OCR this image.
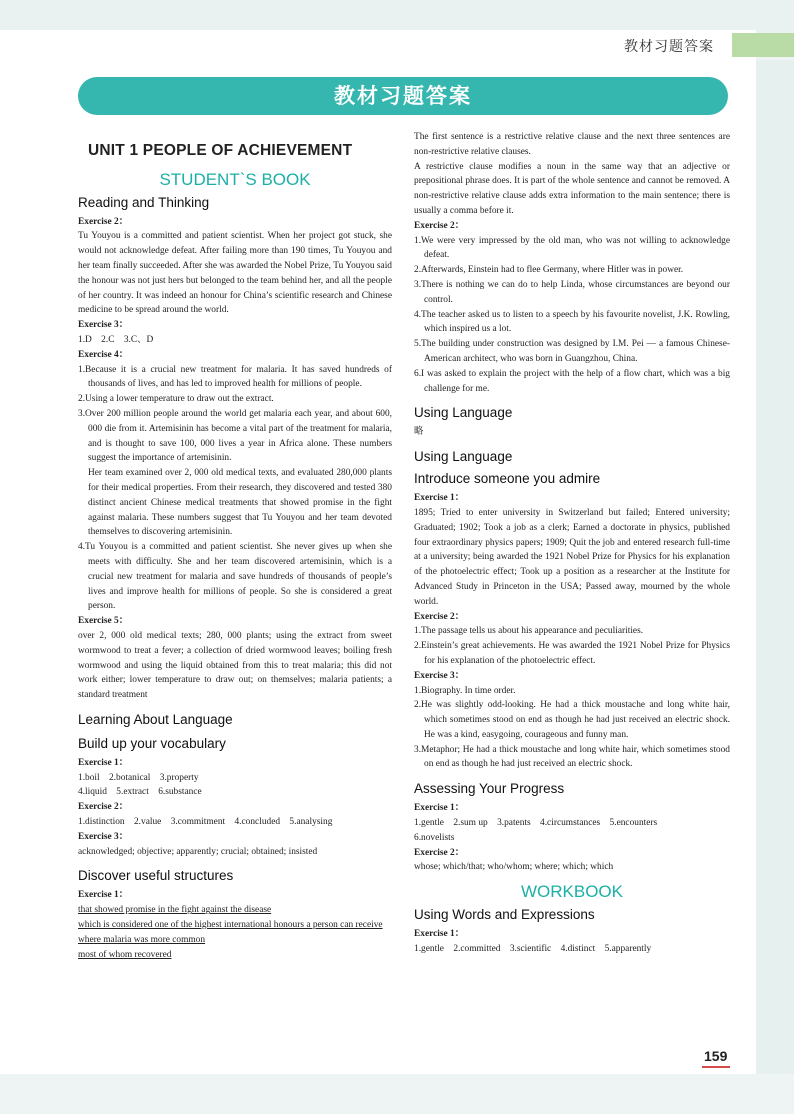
教材习题答案
教材习题答案
UNIT 1 PEOPLE OF ACHIEVEMENT
STUDENT`S BOOK
Reading and Thinking
Exercise 2：
Tu Youyou is a committed and patient scientist. When her project got stuck, she would not acknowledge defeat. After failing more than 190 times, Tu Youyou and her team finally succeeded. After she was awarded the Nobel Prize, Tu Youyou said the honour was not just hers but belonged to the team behind her, and all the people of her country. It was indeed an honour for China’s scientific research and Chinese medicine to be spread around the world.
Exercise 3：
1.D　2.C　3.C、D
Exercise 4：
1.Because it is a crucial new treatment for malaria. It has saved hundreds of thousands of lives, and has led to improved health for millions of people.
2.Using a lower temperature to draw out the extract.
3.Over 200 million people around the world get malaria each year, and about 600, 000 die from it. Artemisinin has become a vital part of the treatment for malaria, and is thought to save 100, 000 lives a year in Africa alone. These numbers suggest the importance of artemisinin.
Her team examined over 2, 000 old medical texts, and evaluated 280,000 plants for their medical properties. From their research, they discovered and tested 380 distinct ancient Chinese medical treatments that showed promise in the fight against malaria. These numbers suggest that Tu Youyou and her team devoted themselves to discovering artemisinin.
4.Tu Youyou is a committed and patient scientist. She never gives up when she meets with difficulty. She and her team discovered artemisinin, which is a crucial new treatment for malaria and save hundreds of thousands of people’s lives and improve health for millions of people. So she is considered a great person.
Exercise 5：
over 2, 000 old medical texts; 280, 000 plants; using the extract from sweet wormwood to treat a fever; a collection of dried wormwood leaves; boiling fresh wormwood and using the liquid obtained from this to treat malaria; this did not work either; lower temperature to draw out; on themselves; malaria patients; a standard treatment
Learning About Language
Build up your vocabulary
Exercise 1：
1.boil　2.botanical　3.property
4.liquid　5.extract　6.substance
Exercise 2：
1.distinction　2.value　3.commitment　4.concluded　5.analysing
Exercise 3：
acknowledged; objective; apparently; crucial; obtained; insisted
Discover useful structures
Exercise 1：
that showed promise in the fight against the disease
which is considered one of the highest international honours a person can receive
where malaria was more common
most of whom recovered
The first sentence is a restrictive relative clause and the next three sentences are non-restrictive relative clauses.
A restrictive clause modifies a noun in the same way that an adjective or prepositional phrase does. It is part of the whole sentence and cannot be removed. A non-restrictive relative clause adds extra information to the main sentence; there is usually a comma before it.
Exercise 2：
1.We were very impressed by the old man, who was not willing to acknowledge defeat.
2.Afterwards, Einstein had to flee Germany, where Hitler was in power.
3.There is nothing we can do to help Linda, whose circumstances are beyond our control.
4.The teacher asked us to listen to a speech by his favourite novelist, J.K. Rowling, which inspired us a lot.
5.The building under construction was designed by I.M. Pei — a famous Chinese-American architect, who was born in Guangzhou, China.
6.I was asked to explain the project with the help of a flow chart, which was a big challenge for me.
Using Language
略
Using Language
Introduce someone you admire
Exercise 1：
1895; Tried to enter university in Switzerland but failed; Entered university; Graduated; 1902; Took a job as a clerk; Earned a doctorate in physics, published four extraordinary physics papers; 1909; Quit the job and entered research full-time at a university; being awarded the 1921 Nobel Prize for Physics for his explanation of the photoelectric effect; Took up a position as a researcher at the Institute for Advanced Study in Princeton in the USA; Passed away, mourned by the whole world.
Exercise 2：
1.The passage tells us about his appearance and peculiarities.
2.Einstein’s great achievements. He was awarded the 1921 Nobel Prize for Physics for his explanation of the photoelectric effect.
Exercise 3：
1.Biography. In time order.
2.He was slightly odd-looking. He had a thick moustache and long white hair, which sometimes stood on end as though he had just received an electric shock. He was a kind, easygoing, courageous and funny man.
3.Metaphor; He had a thick moustache and long white hair, which sometimes stood on end as though he had just received an electric shock.
Assessing Your Progress
Exercise 1：
1.gentle　2.sum up　3.patents　4.circumstances　5.encounters
6.novelists
Exercise 2：
whose; which/that; who/whom; where; which; which
WORKBOOK
Using Words and Expressions
Exercise 1：
1.gentle　2.committed　3.scientific　4.distinct　5.apparently
159
